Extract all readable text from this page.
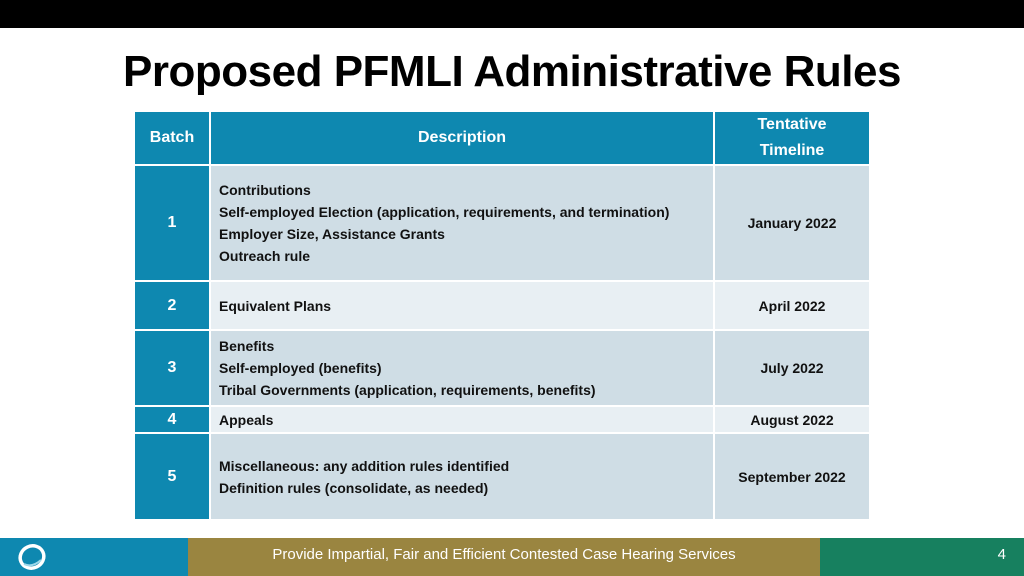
Proposed PFMLI Administrative Rules
Batch	Description	Tentative
Timeline

1	Contributions
Self-employed Election (application, requirements, and termination)
Employer Size, Assistance Grants
Outreach rule	January 2022
2	Equivalent Plans	April 2022
3	Benefits
Self-employed (benefits)
Tribal Governments (application, requirements, benefits)	July 2022
4	Appeals	August 2022
5	Miscellaneous: any addition rules identified
Definition rules (consolidate, as needed)	September 2022
Provide Impartial, Fair and Efficient Contested Case Hearing Services	4
